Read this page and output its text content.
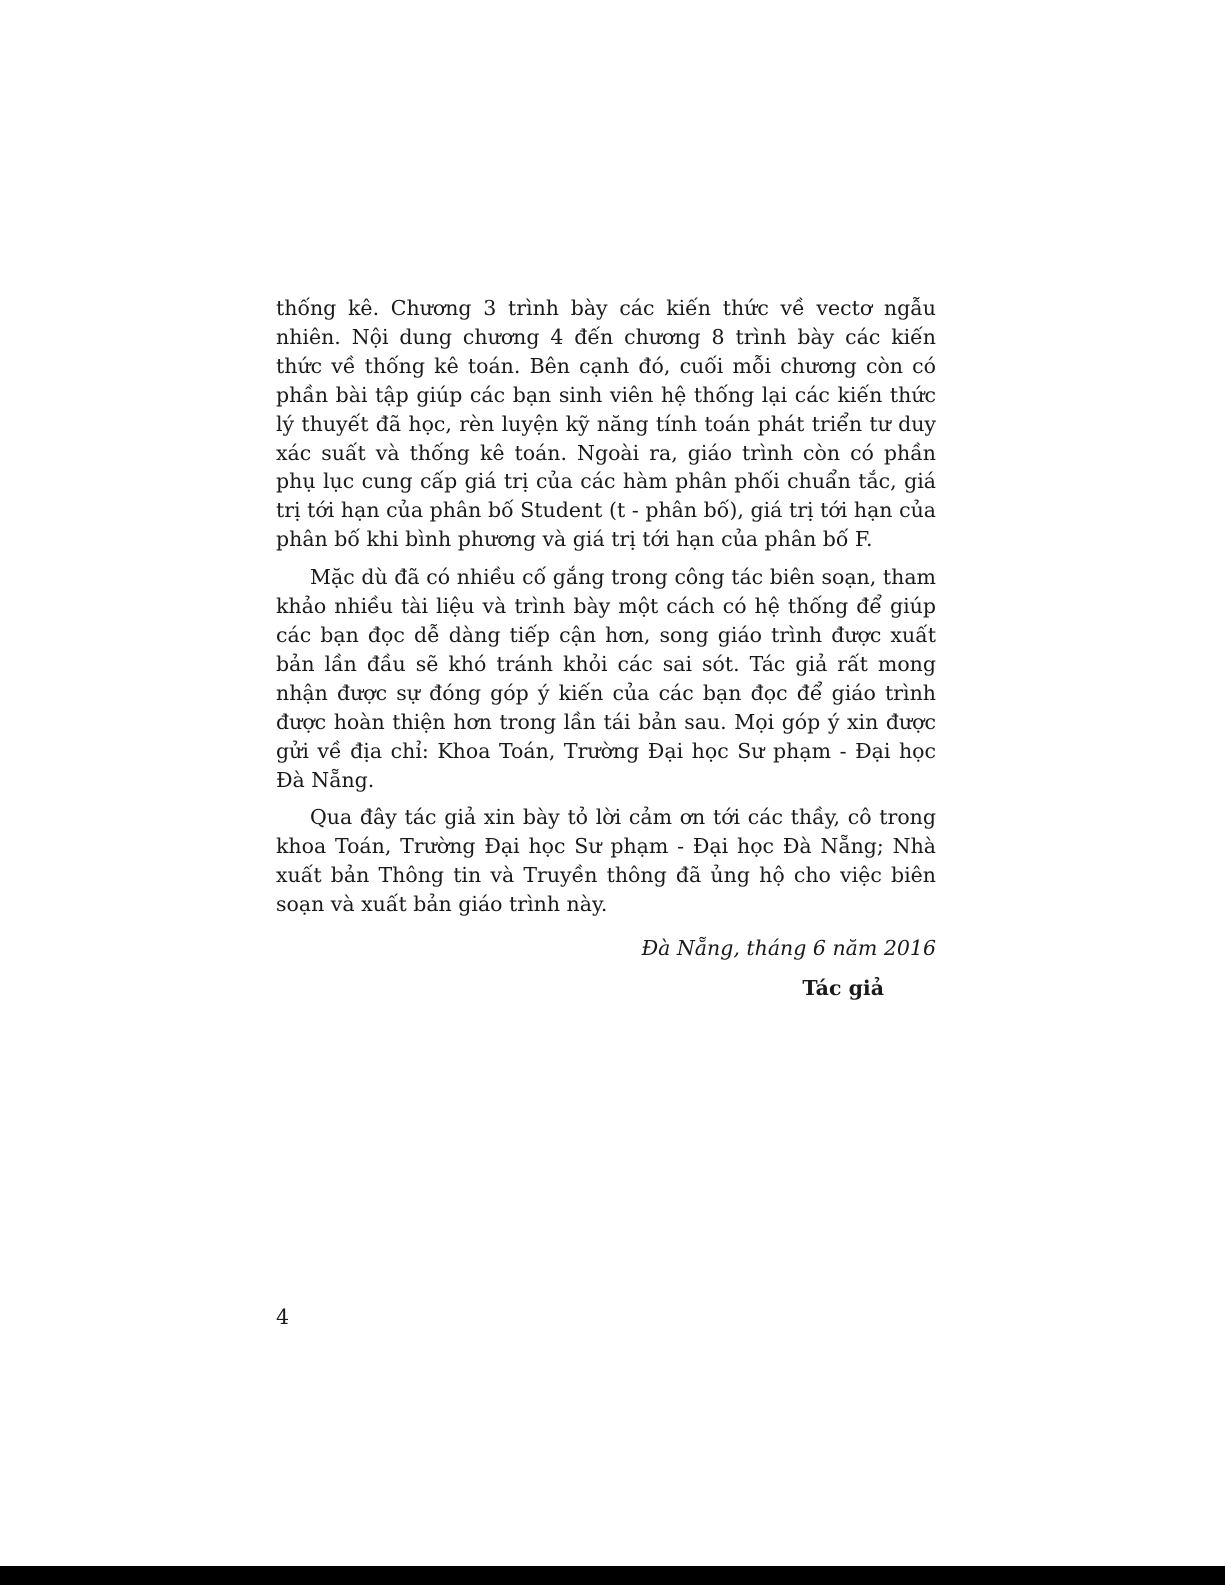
thống kê. Chương 3 trình bày các kiến thức về vectơ ngẫu nhiên. Nội dung chương 4 đến chương 8 trình bày các kiến thức về thống kê toán. Bên cạnh đó, cuối mỗi chương còn có phần bài tập giúp các bạn sinh viên hệ thống lại các kiến thức lý thuyết đã học, rèn luyện kỹ năng tính toán phát triển tư duy xác suất và thống kê toán. Ngoài ra, giáo trình còn có phần phụ lục cung cấp giá trị của các hàm phân phối chuẩn tắc, giá trị tới hạn của phân bố Student (t - phân bố), giá trị tới hạn của phân bố khi bình phương và giá trị tới hạn của phân bố F.

Mặc dù đã có nhiều cố gắng trong công tác biên soạn, tham khảo nhiều tài liệu và trình bày một cách có hệ thống để giúp các bạn đọc dễ dàng tiếp cận hơn, song giáo trình được xuất bản lần đầu sẽ khó tránh khỏi các sai sót. Tác giả rất mong nhận được sự đóng góp ý kiến của các bạn đọc để giáo trình được hoàn thiện hơn trong lần tái bản sau. Mọi góp ý xin được gửi về địa chỉ: Khoa Toán, Trường Đại học Sư phạm - Đại học Đà Nẵng.

Qua đây tác giả xin bày tỏ lời cảm ơn tới các thầy, cô trong khoa Toán, Trường Đại học Sư phạm - Đại học Đà Nẵng; Nhà xuất bản Thông tin và Truyền thông đã ủng hộ cho việc biên soạn và xuất bản giáo trình này.

Đà Nẵng, tháng 6 năm 2016
Tác giả
4
